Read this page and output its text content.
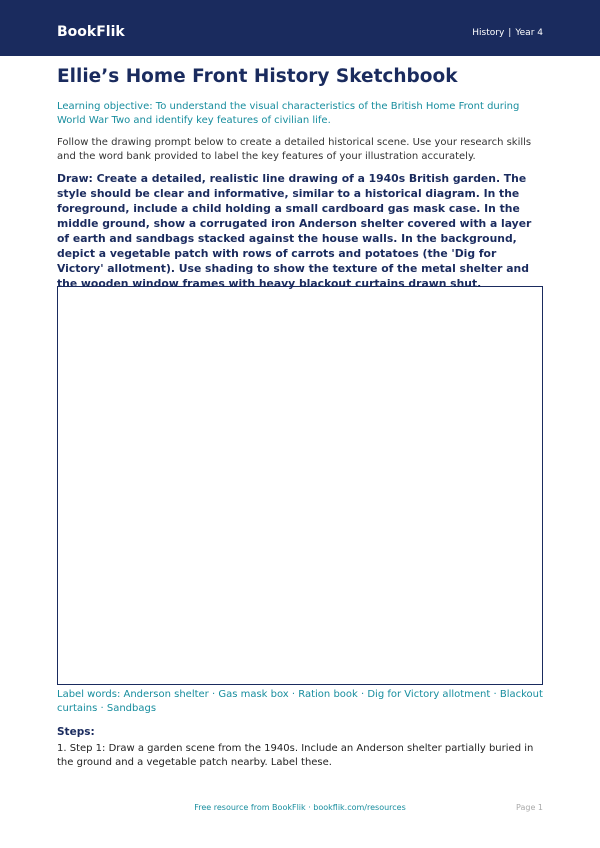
BookFlik	History | Year 4
Ellie’s Home Front History Sketchbook
Learning objective: To understand the visual characteristics of the British Home Front during World War Two and identify key features of civilian life.
Follow the drawing prompt below to create a detailed historical scene. Use your research skills and the word bank provided to label the key features of your illustration accurately.
Draw: Create a detailed, realistic line drawing of a 1940s British garden. The style should be clear and informative, similar to a historical diagram. In the foreground, include a child holding a small cardboard gas mask case. In the middle ground, show a corrugated iron Anderson shelter covered with a layer of earth and sandbags stacked against the house walls. In the background, depict a vegetable patch with rows of carrots and potatoes (the 'Dig for Victory' allotment). Use shading to show the texture of the metal shelter and the wooden window frames with heavy blackout curtains drawn shut.
Label words: Anderson shelter · Gas mask box · Ration book · Dig for Victory allotment · Blackout curtains · Sandbags
Steps:
1. Step 1: Draw a garden scene from the 1940s. Include an Anderson shelter partially buried in the ground and a vegetable patch nearby. Label these.
Free resource from BookFlik · bookflik.com/resources	Page 1
